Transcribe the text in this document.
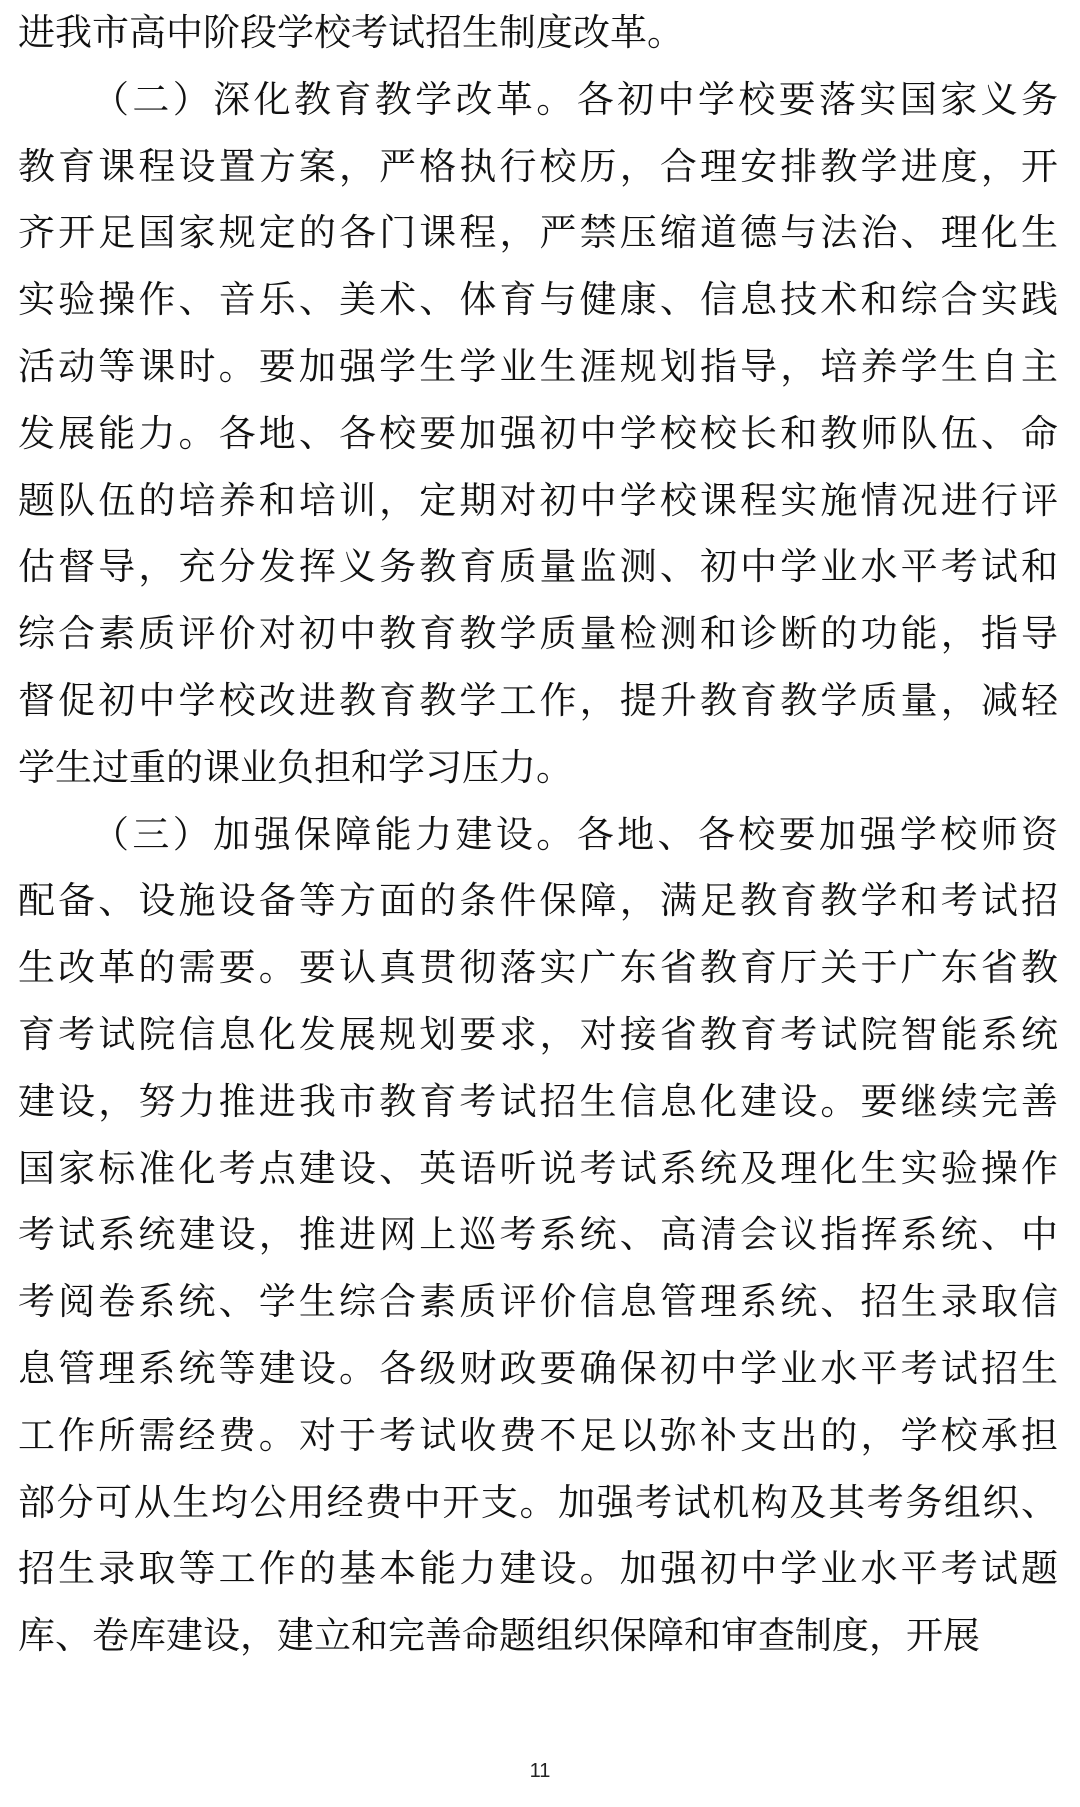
进我市高中阶段学校考试招生制度改革。
（二）深化教育教学改革。各初中学校要落实国家义务
教育课程设置方案，严格执行校历，合理安排教学进度，开
齐开足国家规定的各门课程，严禁压缩道德与法治、理化生
实验操作、音乐、美术、体育与健康、信息技术和综合实践
活动等课时。要加强学生学业生涯规划指导，培养学生自主
发展能力。各地、各校要加强初中学校校长和教师队伍、命
题队伍的培养和培训，定期对初中学校课程实施情况进行评
估督导，充分发挥义务教育质量监测、初中学业水平考试和
综合素质评价对初中教育教学质量检测和诊断的功能，指导
督促初中学校改进教育教学工作，提升教育教学质量，减轻
学生过重的课业负担和学习压力。
（三）加强保障能力建设。各地、各校要加强学校师资
配备、设施设备等方面的条件保障，满足教育教学和考试招
生改革的需要。要认真贯彻落实广东省教育厅关于广东省教
育考试院信息化发展规划要求，对接省教育考试院智能系统
建设，努力推进我市教育考试招生信息化建设。要继续完善
国家标准化考点建设、英语听说考试系统及理化生实验操作
考试系统建设，推进网上巡考系统、高清会议指挥系统、中
考阅卷系统、学生综合素质评价信息管理系统、招生录取信
息管理系统等建设。各级财政要确保初中学业水平考试招生
工作所需经费。对于考试收费不足以弥补支出的，学校承担
部分可从生均公用经费中开支。加强考试机构及其考务组织、
招生录取等工作的基本能力建设。加强初中学业水平考试题
库、卷库建设，建立和完善命题组织保障和审查制度，开展
11
